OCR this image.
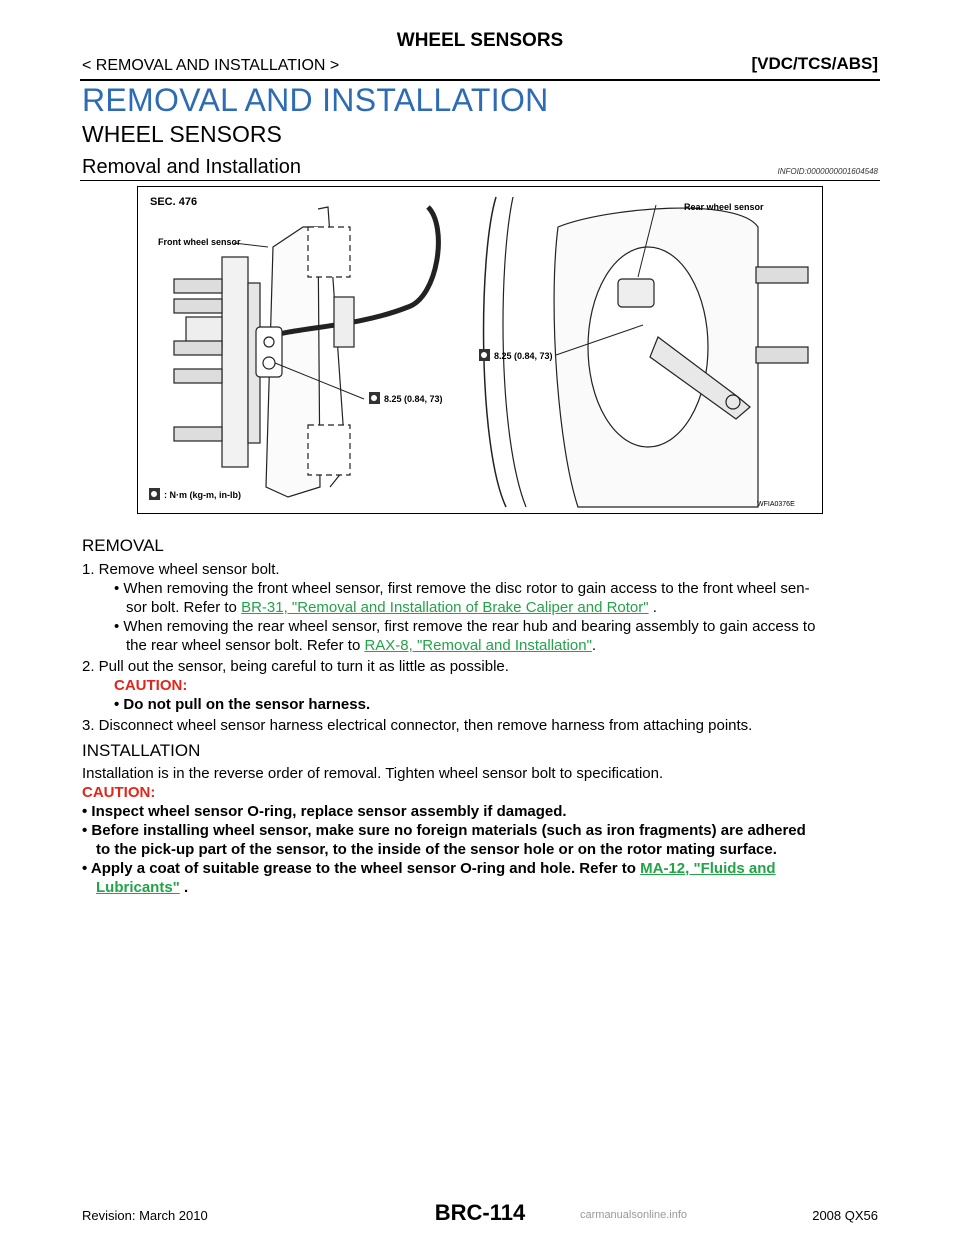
WHEEL SENSORS
< REMOVAL AND INSTALLATION >	[VDC/TCS/ABS]
REMOVAL AND INSTALLATION
WHEEL SENSORS
Removal and Installation	INFOID:0000000001604548
SEC. 476
Front wheel sensor
Rear wheel sensor
8.25 (0.84, 73)
8.25 (0.84, 73)
: N·m (kg-m, in-lb)
WFIA0376E
REMOVAL
1. Remove wheel sensor bolt.
• When removing the front wheel sensor, first remove the disc rotor to gain access to the front wheel sen-
sor bolt. Refer to BR-31, "Removal and Installation of Brake Caliper and Rotor" .
• When removing the rear wheel sensor, first remove the rear hub and bearing assembly to gain access to
the rear wheel sensor bolt. Refer to RAX-8, "Removal and Installation".
2. Pull out the sensor, being careful to turn it as little as possible.
CAUTION:
• Do not pull on the sensor harness.
3. Disconnect wheel sensor harness electrical connector, then remove harness from attaching points.
INSTALLATION
Installation is in the reverse order of removal. Tighten wheel sensor bolt to specification.
CAUTION:
• Inspect wheel sensor O-ring, replace sensor assembly if damaged.
• Before installing wheel sensor, make sure no foreign materials (such as iron fragments) are adhered
to the pick-up part of the sensor, to the inside of the sensor hole or on the rotor mating surface.
• Apply a coat of suitable grease to the wheel sensor O-ring and hole. Refer to MA-12, "Fluids and
Lubricants" .
Revision: March 2010	BRC-114	carmanualsonline.info	2008 QX56
